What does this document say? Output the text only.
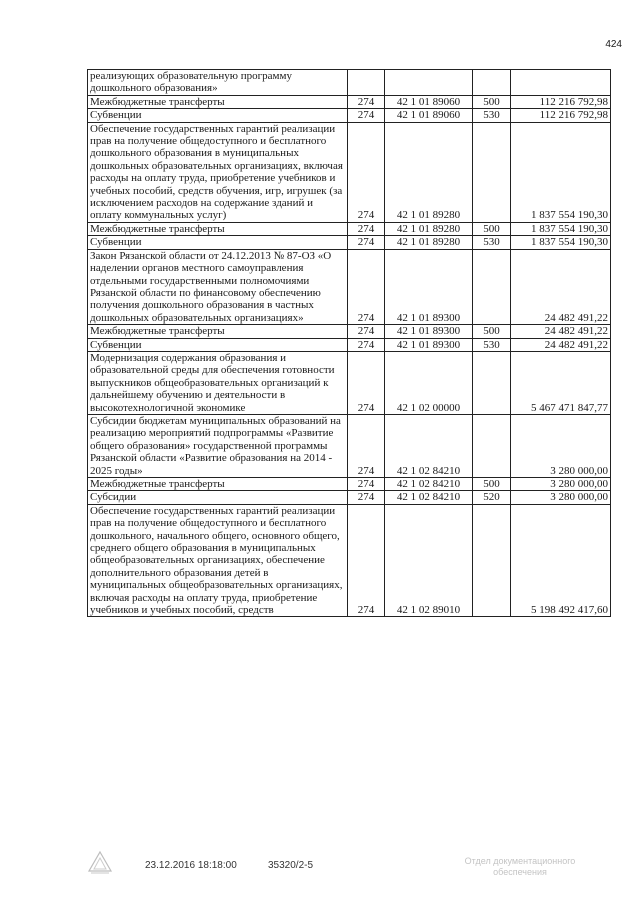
424
реализующих образовательную программу дошкольного образования»				
Межбюджетные трансферты	274	42 1 01 89060	500	112 216 792,98
Субвенции	274	42 1 01 89060	530	112 216 792,98
Обеспечение государственных гарантий реализации прав на получение общедоступного и бесплатного дошкольного образования в муниципальных дошкольных образовательных организациях, включая расходы на оплату труда, приобретение учебников и учебных пособий, средств обучения, игр, игрушек (за исключением расходов на содержание зданий и оплату коммунальных услуг)	274	42 1 01 89280		1 837 554 190,30
Межбюджетные трансферты	274	42 1 01 89280	500	1 837 554 190,30
Субвенции	274	42 1 01 89280	530	1 837 554 190,30
Закон Рязанской области от 24.12.2013 № 87-ОЗ «О наделении органов местного самоуправления отдельными государственными полномочиями Рязанской области по финансовому обеспечению получения дошкольного образования в частных дошкольных образовательных организациях»	274	42 1 01 89300		24 482 491,22
Межбюджетные трансферты	274	42 1 01 89300	500	24 482 491,22
Субвенции	274	42 1 01 89300	530	24 482 491,22
Модернизация содержания образования и образовательной среды для обеспечения готовности выпускников общеобразовательных организаций к дальнейшему обучению и деятельности в высокотехнологичной экономике	274	42 1 02 00000		5 467 471 847,77
Субсидии бюджетам муниципальных образований на реализацию мероприятий подпрограммы «Развитие общего образования» государственной программы Рязанской области «Развитие образования на 2014 - 2025 годы»	274	42 1 02 84210		3 280 000,00
Межбюджетные трансферты	274	42 1 02 84210	500	3 280 000,00
Субсидии	274	42 1 02 84210	520	3 280 000,00
Обеспечение государственных гарантий реализации прав на получение общедоступного и бесплатного дошкольного, начального общего, основного общего, среднего общего образования в муниципальных общеобразовательных организациях, обеспечение дополнительного образования детей в муниципальных общеобразовательных организациях, включая расходы на оплату труда, приобретение учебников и учебных пособий, средств	274	42 1 02 89010		5 198 492 417,60
23.12.2016 18:18:00	35320/2-5	Отдел документационного
обеспечения
